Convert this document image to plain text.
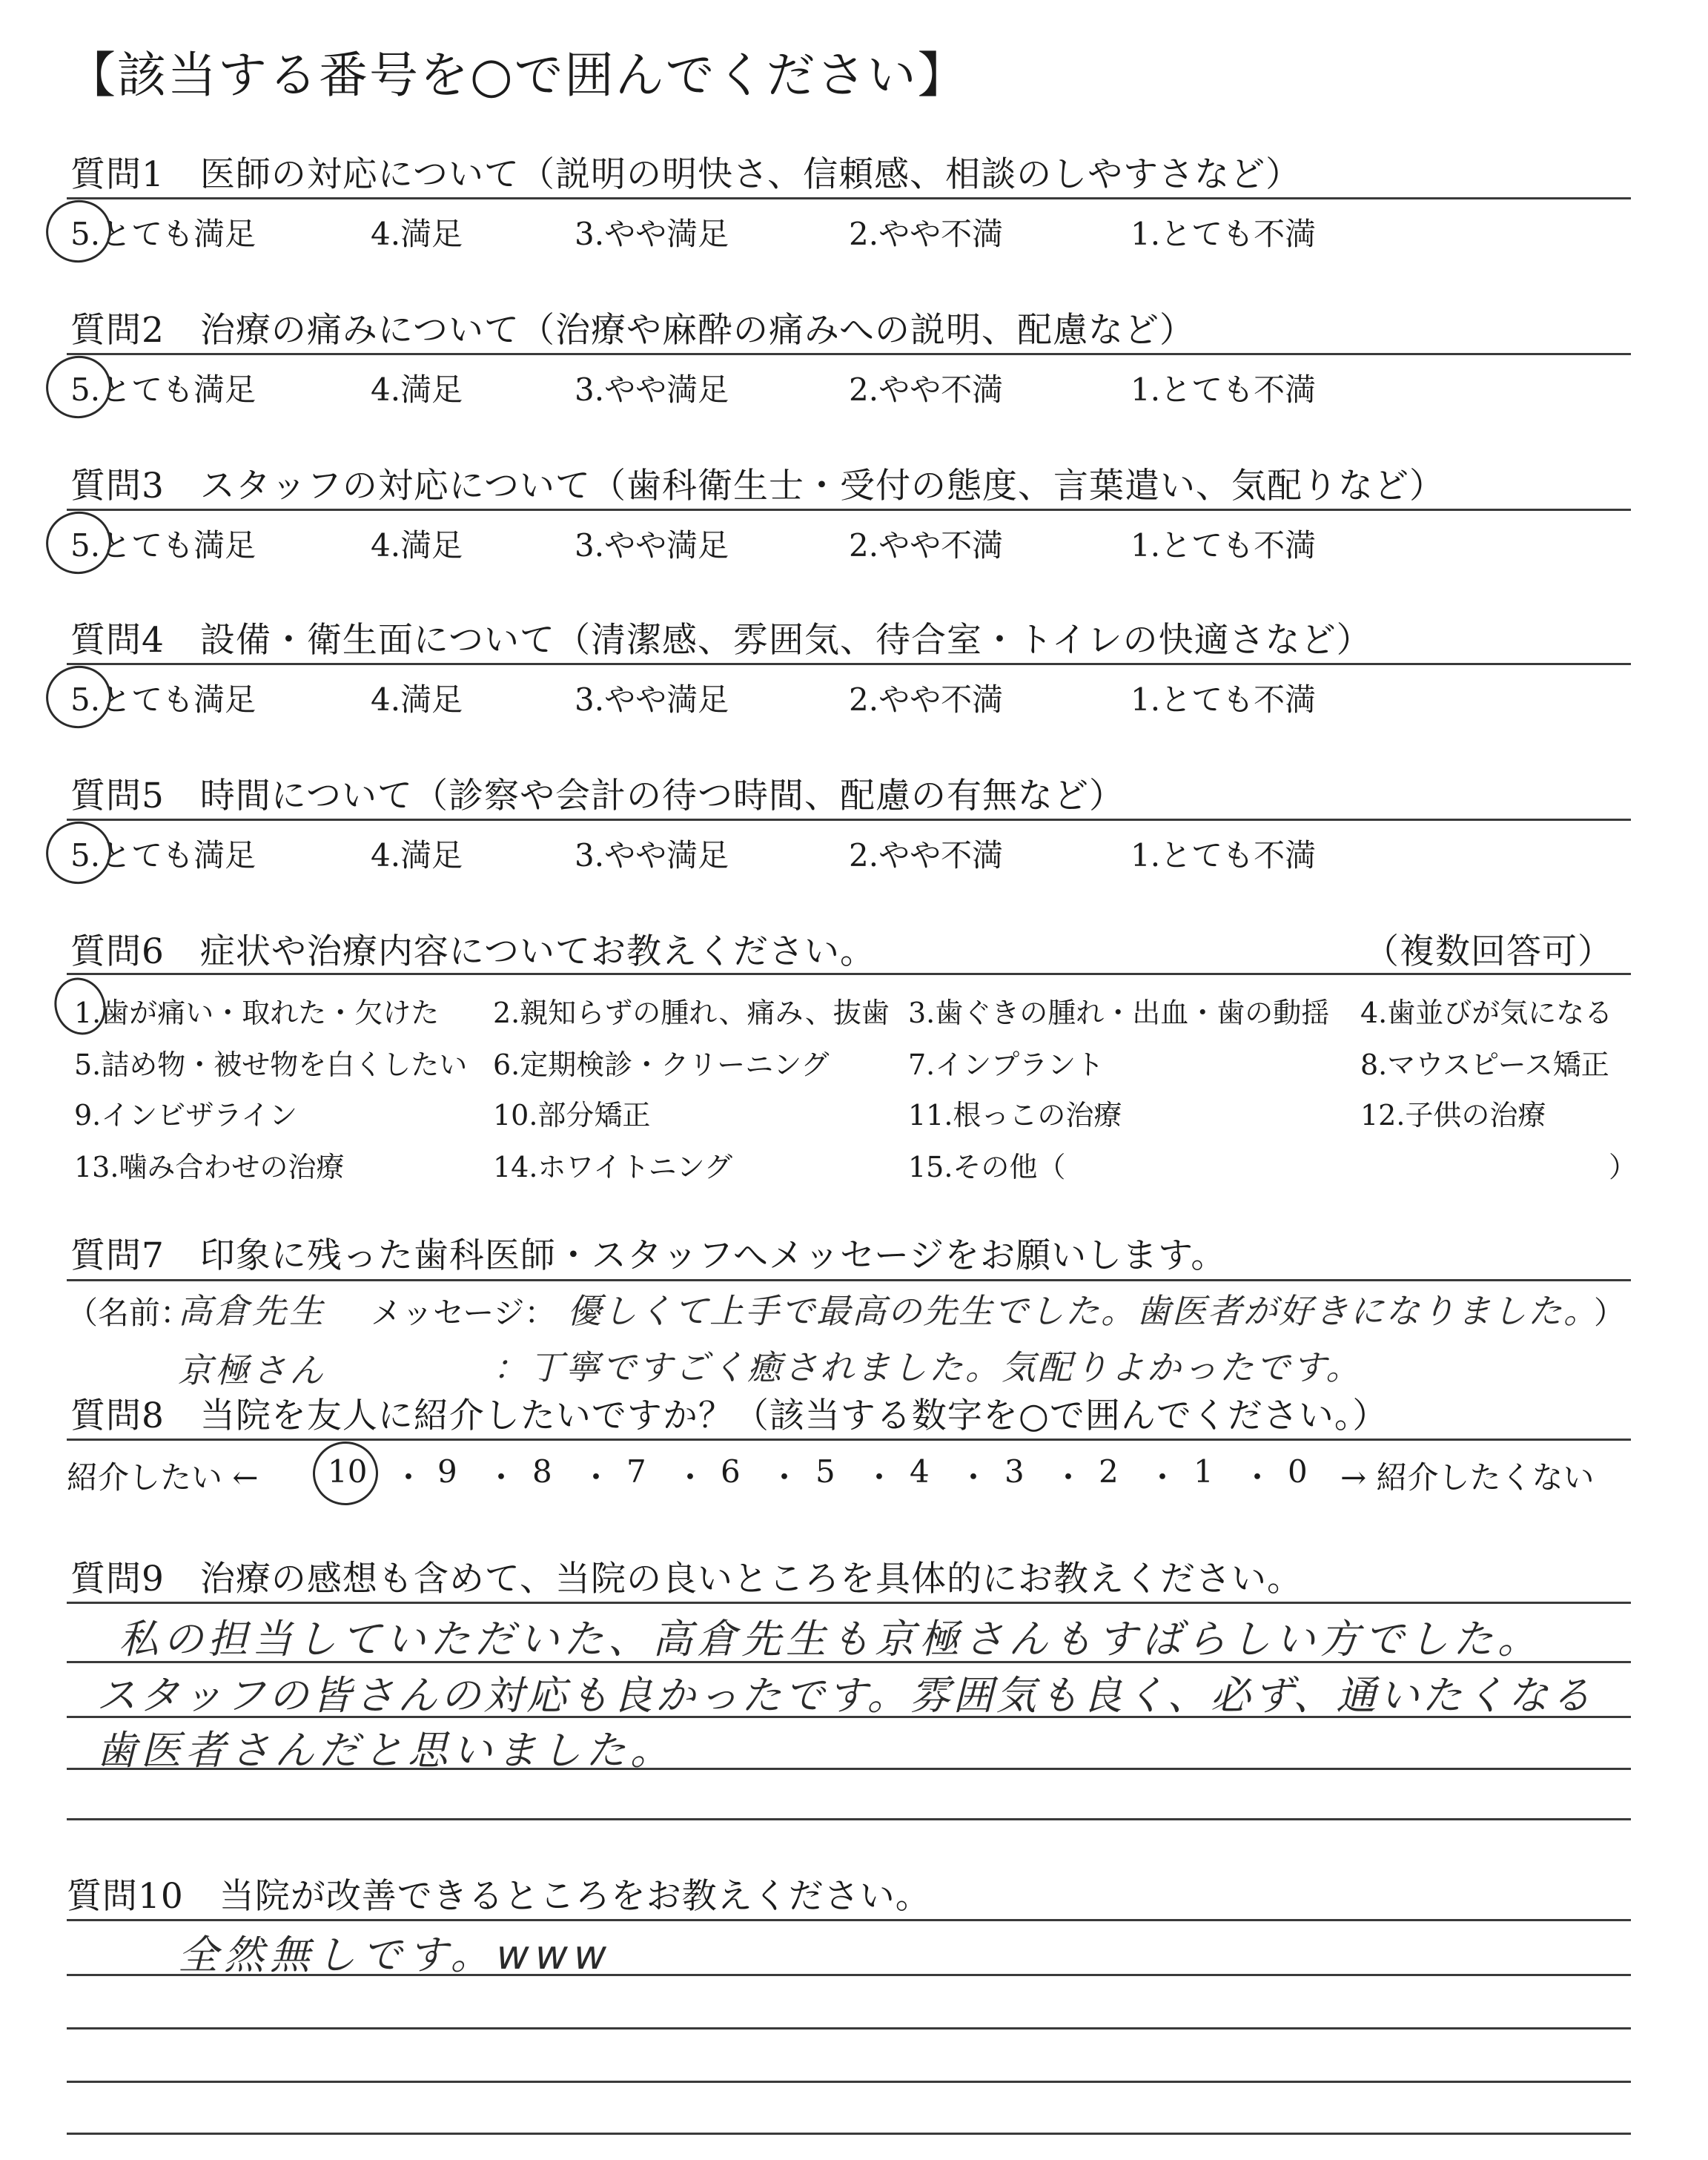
【該当する番号を○で囲んでください】
質問1　医師の対応について（説明の明快さ、信頼感、相談のしやすさなど）
5.とても満足	4.満足	3.やや満足	2.やや不満	1.とても不満
質問2　治療の痛みについて（治療や麻酔の痛みへの説明、配慮など）
5.とても満足	4.満足	3.やや満足	2.やや不満	1.とても不満
質問3　スタッフの対応について（歯科衛生士・受付の態度、言葉遣い、気配りなど）
5.とても満足	4.満足	3.やや満足	2.やや不満	1.とても不満
質問4　設備・衛生面について（清潔感、雰囲気、待合室・トイレの快適さなど）
5.とても満足	4.満足	3.やや満足	2.やや不満	1.とても不満
質問5　時間について（診察や会計の待つ時間、配慮の有無など）
5.とても満足	4.満足	3.やや満足	2.やや不満	1.とても不満
質問6　症状や治療内容についてお教えください。	（複数回答可）
1.歯が痛い・取れた・欠けた 2.親知らずの腫れ、痛み、抜歯 3.歯ぐきの腫れ・出血・歯の動揺 4.歯並びが気になる
5.詰め物・被せ物を白くしたい 6.定期検診・クリーニング	7.インプラント	8.マウスピース矯正
9.インビザライン	10.部分矯正	11.根っこの治療	12.子供の治療
13.噛み合わせの治療	14.ホワイトニング	15.その他（	）
質問7　印象に残った歯科医師・スタッフへメッセージをお願いします。
（名前：	メッセージ：	）
高倉先生	優しくて上手で最高の先生でした。歯医者が好きになりました。
京極さん	：丁寧ですごく癒されました。気配りよかったです。
質問8　当院を友人に紹介したいですか？（該当する数字を○で囲んでください。）
紹介したい ←	→ 紹介したくない
10 ・ 9 ・ 8 ・ 7 ・ 6 ・ 5 ・ 4 ・ 3 ・ 2 ・ 1 ・ 0
質問9　治療の感想も含めて、当院の良いところを具体的にお教えください。
私の担当していただいた、高倉先生も京極さんもすばらしい方でした。
スタッフの皆さんの対応も良かったです。雰囲気も良く、必ず、通いたくなる
歯医者さんだと思いました。
質問10　当院が改善できるところをお教えください。
全然無しです。www
